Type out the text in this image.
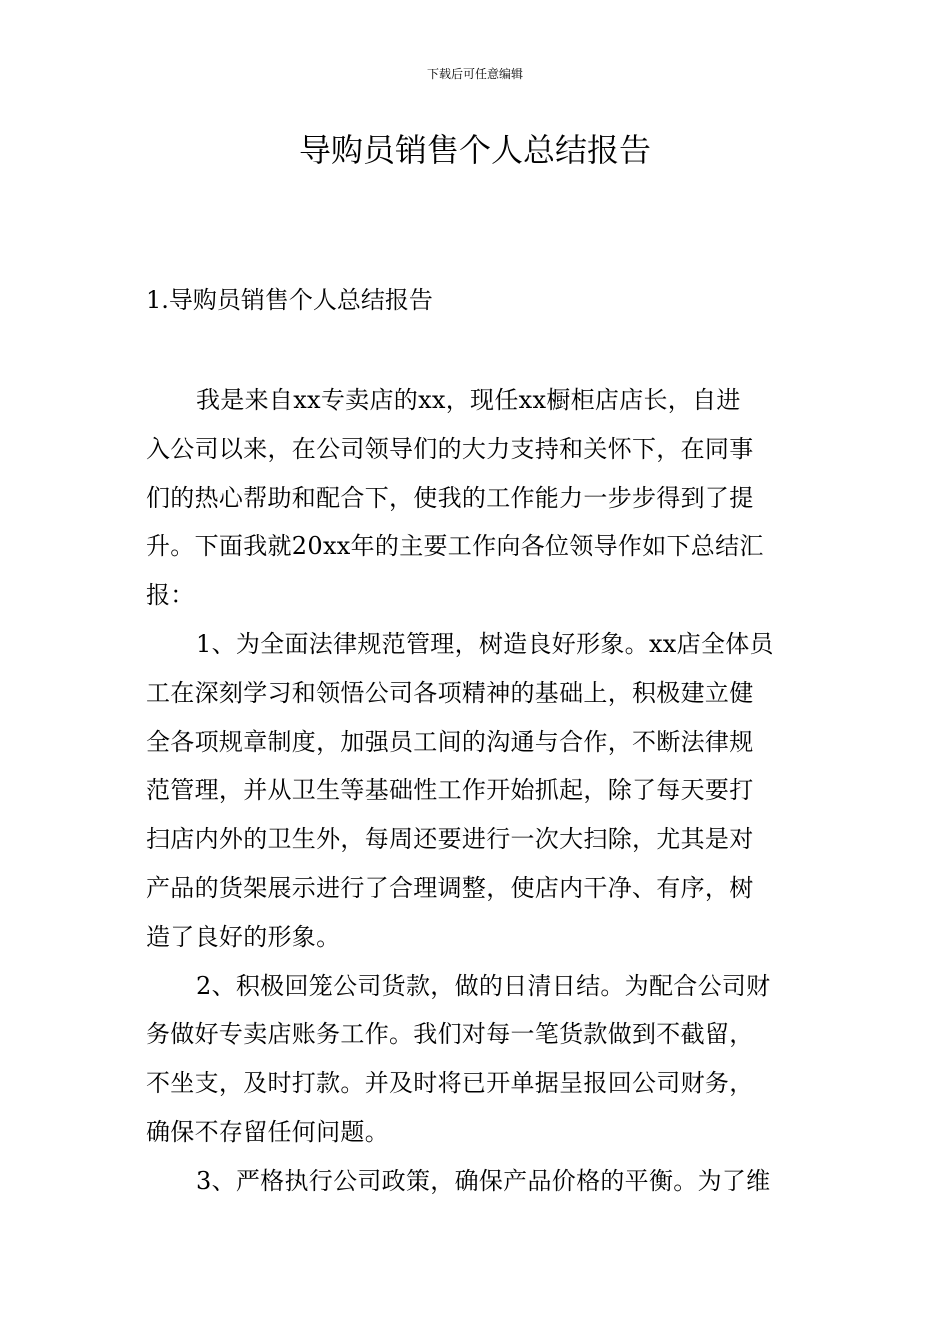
下载后可任意编辑
导购员销售个人总结报告
1.导购员销售个人总结报告

我是来自xx专卖店的xx，现任xx橱柜店店长，自进
入公司以来，在公司领导们的大力支持和关怀下，在同事
们的热心帮助和配合下，使我的工作能力一步步得到了提
升。下面我就20xx年的主要工作向各位领导作如下总结汇
报：

1、为全面法律规范管理，树造良好形象。xx店全体员
工在深刻学习和领悟公司各项精神的基础上，积极建立健
全各项规章制度，加强员工间的沟通与合作，不断法律规
范管理，并从卫生等基础性工作开始抓起，除了每天要打
扫店内外的卫生外，每周还要进行一次大扫除，尤其是对
产品的货架展示进行了合理调整，使店内干净、有序，树
造了良好的形象。

2、积极回笼公司货款，做的日清日结。为配合公司财
务做好专卖店账务工作。我们对每一笔货款做到不截留，
不坐支，及时打款。并及时将已开单据呈报回公司财务，
确保不存留任何问题。

3、严格执行公司政策，确保产品价格的平衡。为了维
